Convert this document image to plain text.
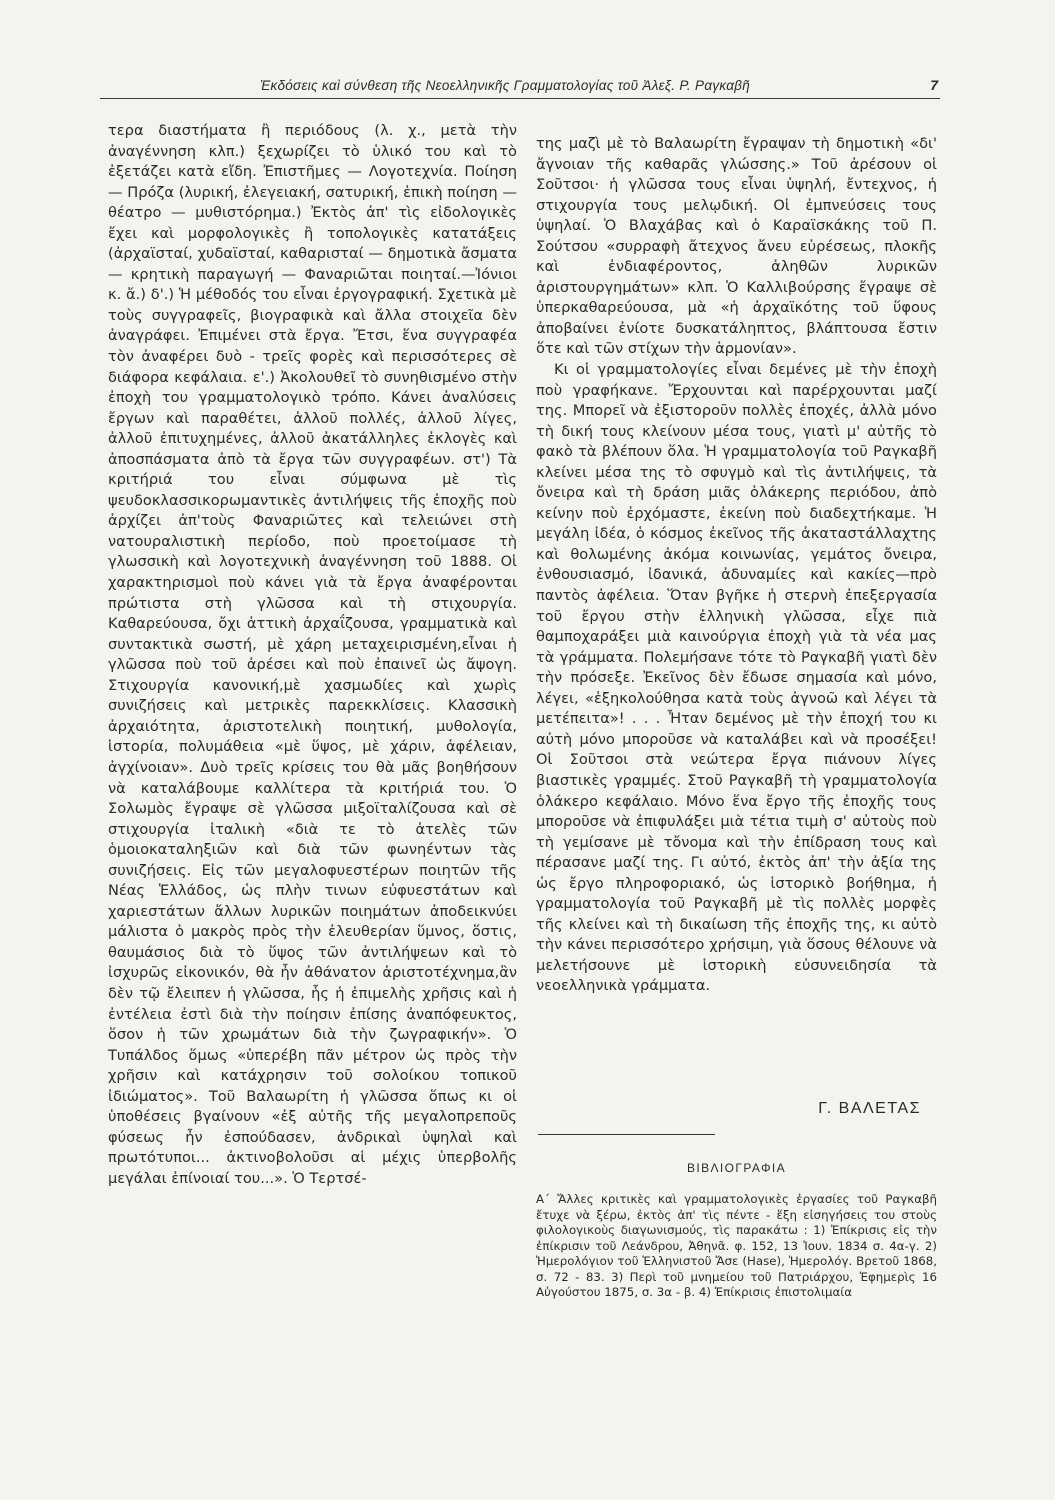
Ἐκδόσεις καὶ σύνθεση τῆς Νεοελληνικῆς Γραμματολογίας τοῦ Ἀλεξ. Ρ. Ραγκαβῆ	7

τερα διαστήματα ἢ περιόδους (λ. χ., μετὰ τὴν ἀναγέννηση κλπ.) ξεχωρίζει τὸ ὑλικό του καὶ τὸ ἐξετάζει κατὰ εἴδη. Ἐπιστῆμες — Λογοτεχνία. Ποίηση — Πρόζα (λυρική, ἐλεγειακή, σατυρική, ἐπικὴ ποίηση — θέατρο — μυθιστόρημα.) Ἐκτὸς ἀπ' τὶς εἰδολογικὲς ἔχει καὶ μορφολογικὲς ἢ τοπολογικὲς κατατάξεις (ἀρχαϊσταί, χυδαϊσταί, καθαρισταί — δημοτικὰ ἄσματα — κρητικὴ παραγωγή — Φαναριῶται ποιηταί.—Ἰόνιοι κ. ἄ.) δ'.) Ἡ μέθοδός του εἶναι ἐργογραφική. Σχετικὰ μὲ τοὺς συγγραφεῖς, βιογραφικὰ καὶ ἄλλα στοιχεῖα δὲν ἀναγράφει. Ἐπιμένει στὰ ἔργα. Ἔτσι, ἕνα συγγραφέα τὸν ἀναφέρει δυὸ - τρεῖς φορὲς καὶ περισσότερες σὲ διάφορα κεφάλαια. ε'.) Ἀκολουθεῖ τὸ συνηθισμένο στὴν ἐποχὴ του γραμματολογικὸ τρόπο. Κάνει ἀναλύσεις ἔργων καὶ παραθέτει, ἀλλοῦ πολλές, ἀλλοῦ λίγες, ἀλλοῦ ἐπιτυχημένες, ἀλλοῦ ἀκατάλληλες ἐκλογὲς καὶ ἀποσπάσματα ἀπὸ τὰ ἔργα τῶν συγγραφέων. στ') Τὰ κριτήριά του εἶναι σύμφωνα μὲ τὶς ψευδοκλασσικορωμαντικὲς ἀντιλήψεις τῆς ἐποχῆς ποὺ ἀρχίζει ἀπ'τοὺς Φαναριῶτες καὶ τελειώνει στὴ νατουραλιστικὴ περίοδο, ποὺ προετοίμασε τὴ γλωσσικὴ καὶ λογοτεχνικὴ ἀναγέννηση τοῦ 1888. Οἱ χαρακτηρισμοὶ ποὺ κάνει γιὰ τὰ ἔργα ἀναφέρονται πρώτιστα στὴ γλῶσσα καὶ τὴ στιχουργία. Καθαρεύουσα, ὄχι ἀττικὴ ἀρχαΐζουσα, γραμματικὰ καὶ συντακτικὰ σωστή, μὲ χάρη μεταχειρισμένη,εἶναι ἡ γλῶσσα ποὺ τοῦ ἀρέσει καὶ ποὺ ἐπαινεῖ ὡς ἄψογη. Στιχουργία κανονική,μὲ χασμωδίες καὶ χωρὶς συνιζήσεις καὶ μετρικὲς παρεκκλίσεις. Κλασσικὴ ἀρχαιότητα, ἀριστοτελικὴ ποιητική, μυθολογία, ἱστορία, πολυμάθεια «μὲ ὕψος, μὲ χάριν, ἀφέλειαν, ἀγχίνοιαν». Δυὸ τρεῖς κρίσεις του θὰ μᾶς βοηθήσουν νὰ καταλάβουμε καλλίτερα τὰ κριτήριά του. Ὁ Σολωμὸς ἔγραψε σὲ γλῶσσα μιξοϊταλίζουσα καὶ σὲ στιχουργία ἰταλικὴ «διὰ τε τὸ ἀτελὲς τῶν ὁμοιοκαταληξιῶν καὶ διὰ τῶν φωνηέντων τὰς συνιζήσεις. Εἰς τῶν μεγαλοφυεστέρων ποιητῶν τῆς Νέας Ἑλλάδος, ὡς πλὴν τινων εὐφυεστάτων καὶ χαριεστάτων ἄλλων λυρικῶν ποιημάτων ἀποδεικνύει μάλιστα ὁ μακρὸς πρὸς τὴν ἐλευθερίαν ὕμνος, ὅστις, θαυμάσιος διὰ τὸ ὕψος τῶν ἀντιλήψεων καὶ τὸ ἰσχυρῶς εἰκονικόν, θὰ ἦν ἀθάνατον ἀριστοτέχνημα,ἂν δὲν τῷ ἔλειπεν ἡ γλῶσσα, ἧς ἡ ἐπιμελὴς χρῆσις καὶ ἡ ἐντέλεια ἐστὶ διὰ τὴν ποίησιν ἐπίσης ἀναπόφευκτος, ὅσον ἡ τῶν χρωμάτων διὰ τὴν ζωγραφικήν». Ὁ Τυπάλδος ὅμως «ὑπερέβη πᾶν μέτρον ὡς πρὸς τὴν χρῆσιν καὶ κατάχρησιν τοῦ σολοίκου τοπικοῦ ἰδιώματος». Τοῦ Βαλαωρίτη ἡ γλῶσσα ὅπως κι οἱ ὑποθέσεις βγαίνουν «ἐξ αὐτῆς τῆς μεγαλοπρεποῦς φύσεως ἦν ἐσπούδασεν, ἀνδρικαὶ ὑψηλαὶ καὶ πρωτότυποι... ἀκτινοβολοῦσι αἱ μέχις ὑπερβολῆς μεγάλαι ἐπίνοιαί του...». Ὁ Τερτσέ-

της μαζὶ μὲ τὸ Βαλαωρίτη ἔγραψαν τὴ δημοτικὴ «δι' ἄγνοιαν τῆς καθαρᾶς γλώσσης.» Τοῦ ἀρέσουν οἱ Σοῦτσοι· ἡ γλῶσσα τους εἶναι ὑψηλή, ἔντεχνος, ἡ στιχουργία τους μελῳδική. Οἱ ἐμπνεύσεις τους ὑψηλαί. Ὁ Βλαχάβας καὶ ὁ Καραϊσκάκης τοῦ Π. Σούτσου «συρραφὴ ἄτεχνος ἄνευ εὑρέσεως, πλοκῆς καὶ ἐνδιαφέροντος, ἀληθῶν λυρικῶν ἀριστουργημάτων» κλπ. Ὁ Καλλιβούρσης ἔγραψε σὲ ὑπερκαθαρεύουσα, μὰ «ἡ ἀρχαϊκότης τοῦ ὕφους ἀποβαίνει ἐνίοτε δυσκατάληπτος, βλάπτουσα ἔστιν ὅτε καὶ τῶν στίχων τὴν ἁρμονίαν».

Κι οἱ γραμματολογίες εἶναι δεμένες μὲ τὴν ἐποχὴ ποὺ γραφήκανε. Ἔρχουνται καὶ παρέρχουνται μαζί της. Μπορεῖ νὰ ἐξιστοροῦν πολλὲς ἐποχές, ἀλλὰ μόνο τὴ δική τους κλείνουν μέσα τους, γιατὶ μ' αὐτῆς τὸ φακὸ τὰ βλέπουν ὅλα. Ἡ γραμματολογία τοῦ Ραγκαβῆ κλείνει μέσα της τὸ σφυγμὸ καὶ τὶς ἀντιλήψεις, τὰ ὄνειρα καὶ τὴ δράση μιᾶς ὁλάκερης περιόδου, ἀπὸ κείνην ποὺ ἐρχόμαστε, ἐκείνη ποὺ διαδεχτήκαμε. Ἡ μεγάλη ἰδέα, ὁ κόσμος ἐκεῖνος τῆς ἀκαταστάλλαχτης καὶ θολωμένης ἀκόμα κοινωνίας, γεμάτος ὄνειρα, ἐνθουσιασμό, ἰδανικά, ἀδυναμίες καὶ κακίες—πρὸ παντὸς ἀφέλεια. Ὅταν βγῆκε ἡ στερνὴ ἐπεξεργασία τοῦ ἔργου στὴν ἑλληνικὴ γλῶσσα, εἶχε πιὰ θαμποχαράξει μιὰ καινούργια ἐποχὴ γιὰ τὰ νέα μας τὰ γράμματα. Πολεμήσανε τότε τὸ Ραγκαβῆ γιατὶ δὲν τὴν πρόσεξε. Ἐκεῖνος δὲν ἔδωσε σημασία καὶ μόνο, λέγει, «ἐξηκολούθησα κατὰ τοὺς ἀγνοῶ καὶ λέγει τὰ μετέπειτα»! . . . Ἦταν δεμένος μὲ τὴν ἐποχή του κι αὐτὴ μόνο μποροῦσε νὰ καταλάβει καὶ νὰ προσέξει! Οἱ Σοῦτσοι στὰ νεώτερα ἔργα πιάνουν λίγες βιαστικὲς γραμμές. Στοῦ Ραγκαβῆ τὴ γραμματολογία ὁλάκερο κεφάλαιο. Μόνο ἕνα ἔργο τῆς ἐποχῆς τους μποροῦσε νὰ ἐπιφυλάξει μιὰ τέτια τιμὴ σ' αὐτοὺς ποὺ τὴ γεμίσανε μὲ τὄνομα καὶ τὴν ἐπίδραση τους καὶ πέρασανε μαζί της. Γι αὐτό, ἐκτὸς ἀπ' τὴν ἀξία της ὡς ἔργο πληροφοριακό, ὡς ἱστορικὸ βοήθημα, ἡ γραμματολογία τοῦ Ραγκαβῆ μὲ τὶς πολλὲς μορφὲς τῆς κλείνει καὶ τὴ δικαίωση τῆς ἐποχῆς της, κι αὐτὸ τὴν κάνει περισσότερο χρήσιμη, γιὰ ὅσους θέλουνε νὰ μελετήσουνε μὲ ἱστορικὴ εὐσυνειδησία τὰ νεοελληνικὰ γράμματα.

Γ. ΒΑΛΕΤΑΣ
ΒΙΒΛΙΟΓΡΑΦΙΑ

Α΄ Ἄλλες κριτικὲς καὶ γραμματολογικὲς ἐργασίες τοῦ Ραγκαβῆ ἔτυχε νὰ ξέρω, ἐκτὸς ἀπ' τὶς πέντε - ἕξη εἰσηγήσεις του στοὺς φιλολογικοὺς διαγωνισμούς, τὶς παρακάτω : 1) Ἐπίκρισις εἰς τὴν ἐπίκρισιν τοῦ Λεάνδρου, Ἀθηνᾶ. φ. 152, 13 Ἰουν. 1834 σ. 4α-γ. 2) Ἡμερολόγιον τοῦ Ἑλληνιστοῦ Ἄσε (Hase), Ἡμερολόγ. Βρετοῦ 1868, σ. 72 - 83. 3) Περὶ τοῦ μνημείου τοῦ Πατριάρχου, Ἐφημερὶς 16 Αὐγούστου 1875, σ. 3α - β. 4) Ἐπίκρισις ἐπιστολιμαία
